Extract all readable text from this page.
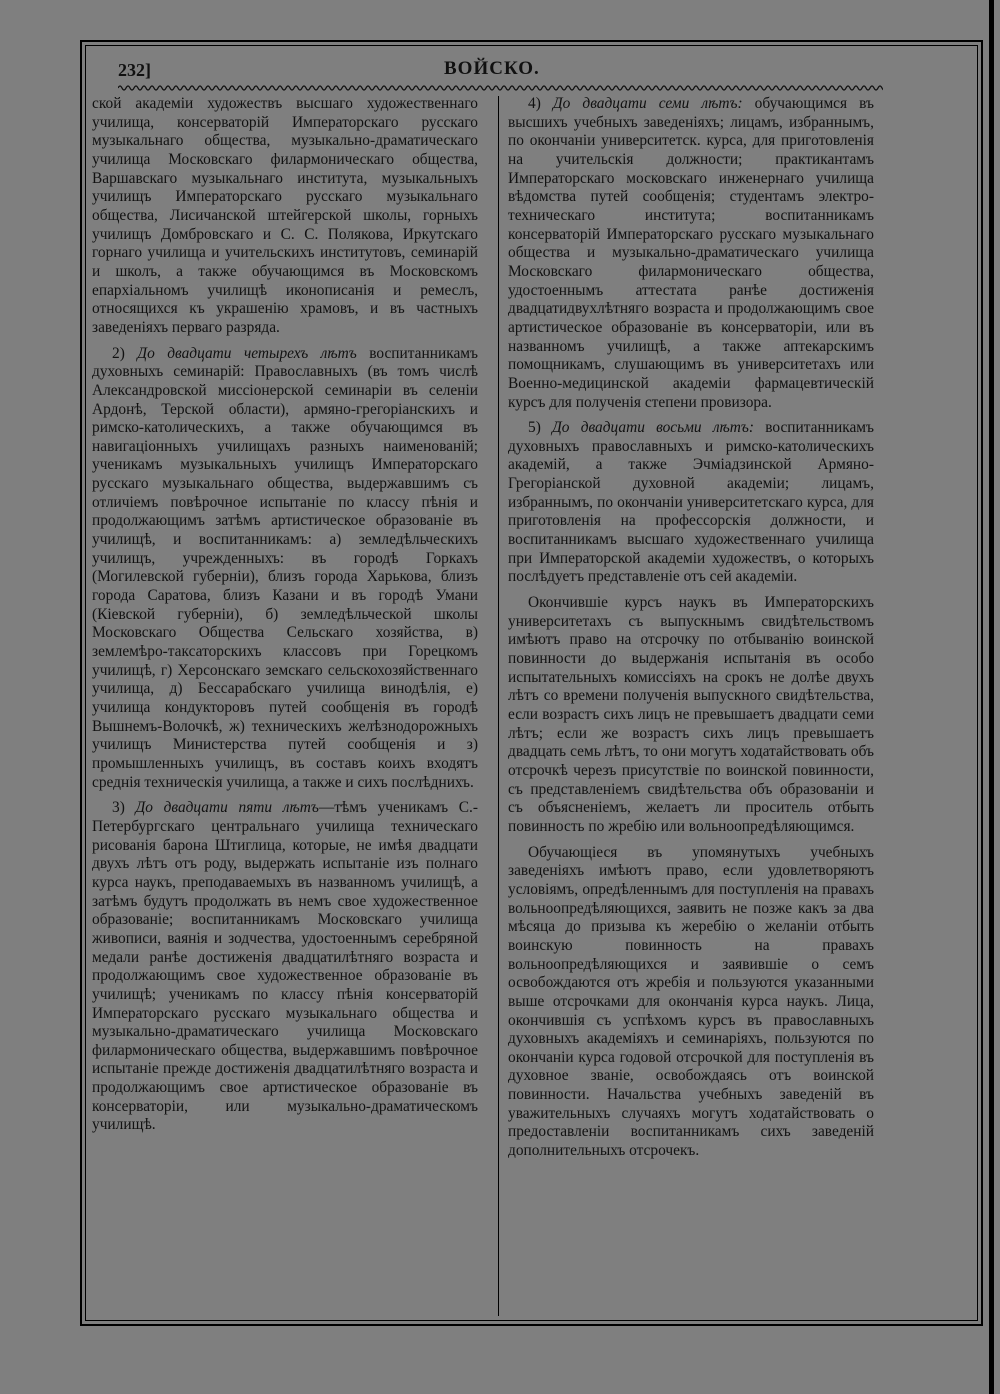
232]	ВОЙСКО.

ской академіи художествъ высшаго художественнаго училища, консерваторій Императорскаго русскаго музыкальнаго общества, музыкально-драматическаго училища Московскаго филармоническаго общества, Варшавскаго музыкальнаго института, музыкальныхъ училищъ Императорскаго русскаго музыкальнаго общества, Лисичанской штейгерской школы, горныхъ училищъ Домбровскаго и С. С. Полякова, Иркутскаго горнаго училища и учительскихъ институтовъ, семинарій и школъ, а также обучающимся въ Московскомъ епархіальномъ училищѣ иконописанія и ремеслъ, относящихся къ украшенію храмовъ, и въ частныхъ заведеніяхъ перваго разряда.

2) До двадцати четырехъ лѣтъ воспитанникамъ духовныхъ семинарій: Православныхъ (въ томъ числѣ Александровской миссіонерской семинаріи въ селеніи Ардонѣ, Терской области), армяно-грегоріанскихъ и римско-католическихъ, а также обучающимся въ навигаціонныхъ училищахъ разныхъ наименованій; ученикамъ музыкальныхъ училищъ Императорскаго русскаго музыкальнаго общества, выдержавшимъ съ отличіемъ повѣрочное испытаніе по классу пѣнія и продолжающимъ затѣмъ артистическое образованіе въ училищѣ, и воспитанникамъ: а) земледѣльческихъ училищъ, учрежденныхъ: въ городѣ Горкахъ (Могилевской губерніи), близъ города Харькова, близъ города Саратова, близъ Казани и въ городѣ Умани (Кіевской губерніи), б) земледѣльческой школы Московскаго Общества Сельскаго хозяйства, в) землемѣро-таксаторскихъ классовъ при Горецкомъ училищѣ, г) Херсонскаго земскаго сельскохозяйственнаго училища, д) Бессарабскаго училища винодѣлія, е) училища кондукторовъ путей сообщенія въ городѣ Вышнемъ-Волочкѣ, ж) техническихъ желѣзнодорожныхъ училищъ Министерства путей сообщенія и з) промышленныхъ училищъ, въ составъ коихъ входятъ среднія техническія училища, а также и сихъ послѣднихъ.

3) До двадцати пяти лѣтъ—тѣмъ ученикамъ С.-Петербургскаго центральнаго училища техническаго рисованія барона Штиглица, которые, не имѣя двадцати двухъ лѣтъ отъ роду, выдержать испытаніе изъ полнаго курса наукъ, преподаваемыхъ въ названномъ училищѣ, а затѣмъ будутъ продолжать въ немъ свое художественное образованіе; воспитанникамъ Московскаго училища живописи, ваянія и зодчества, удостоеннымъ серебряной медали ранѣе достиженія двадцатилѣтняго возраста и продолжающимъ свое художественное образованіе въ училищѣ; ученикамъ по классу пѣнія консерваторій Императорскаго русскаго музыкальнаго общества и музыкально-драматическаго училища Московскаго филармоническаго общества, выдержавшимъ повѣрочное испытаніе прежде достиженія двадцатилѣтняго возраста и продолжающимъ свое артистическое образованіе въ консерваторіи, или музыкально-драматическомъ училищѣ.

4) До двадцати семи лѣтъ: обучающимся въ высшихъ учебныхъ заведеніяхъ; лицамъ, избраннымъ, по окончаніи университетск. курса, для приготовленія на учительскія должности; практикантамъ Императорскаго московскаго инженернаго училища вѣдомства путей сообщенія; студентамъ электро-техническаго института; воспитанникамъ консерваторій Императорскаго русскаго музыкальнаго общества и музыкально-драматическаго училища Московскаго филармоническаго общества, удостоеннымъ аттестата ранѣе достиженія двадцатидвухлѣтняго возраста и продолжающимъ свое артистическое образованіе въ консерваторіи, или въ названномъ училищѣ, а также аптекарскимъ помощникамъ, слушающимъ въ университетахъ или Военно-медицинской академіи фармацевтическій курсъ для полученія степени провизора.

5) До двадцати восьми лѣтъ: воспитанникамъ духовныхъ православныхъ и римско-католическихъ академій, а также Эчміадзинской Армяно-Грегоріанской духовной академіи; лицамъ, избраннымъ, по окончаніи университетскаго курса, для приготовленія на профессорскія должности, и воспитанникамъ высшаго художественнаго училища при Императорской академіи художествъ, о которыхъ послѣдуетъ представленіе отъ сей академіи.

Окончившіе курсъ наукъ въ Императорскихъ университетахъ съ выпускнымъ свидѣтельствомъ имѣютъ право на отсрочку по отбыванію воинской повинности до выдержанія испытанія въ особо испытательныхъ комиссіяхъ на срокъ не долѣе двухъ лѣтъ со времени полученія выпускного свидѣтельства, если возрастъ сихъ лицъ не превышаетъ двадцати семи лѣтъ; если же возрастъ сихъ лицъ превышаетъ двадцать семь лѣтъ, то они могутъ ходатайствовать объ отсрочкѣ черезъ присутствіе по воинской повинности, съ представленіемъ свидѣтельства объ образованіи и съ объясненіемъ, желаетъ ли проситель отбыть повинность по жребію или вольноопредѣляющимся.

Обучающіеся въ упомянутыхъ учебныхъ заведеніяхъ имѣютъ право, если удовлетворяютъ условіямъ, опредѣленнымъ для поступленія на правахъ вольноопредѣляющихся, заявить не позже какъ за два мѣсяца до призыва къ жеребію о желаніи отбыть воинскую повинность на правахъ вольноопредѣляющихся и заявившіе о семъ освобождаются отъ жребія и пользуются указанными выше отсрочками для окончанія курса наукъ. Лица, окончившія съ успѣхомъ курсъ въ православныхъ духовныхъ академіяхъ и семинаріяхъ, пользуются по окончаніи курса годовой отсрочкой для поступленія въ духовное званіе, освобождаясь отъ воинской повинности. Начальства учебныхъ заведеній въ уважительныхъ случаяхъ могутъ ходатайствовать о предоставленіи воспитанникамъ сихъ заведеній дополнительныхъ отсрочекъ.
